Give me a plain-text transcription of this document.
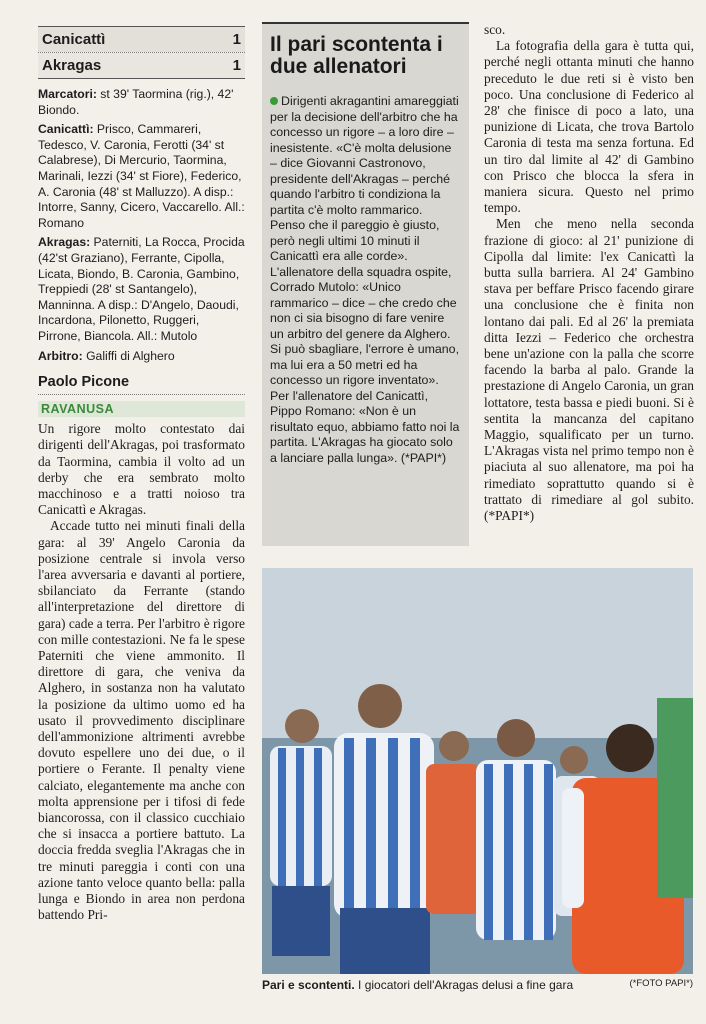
Canicattì	1
Akragas	1

Marcatori: st 39' Taormina (rig.), 42' Biondo.

Canicattì: Prisco, Cammareri, Tedesco, V. Caronia, Ferotti (34' st Calabrese), Di Mercurio, Taormina, Marinali, Iezzi (34' st Fiore), Federico, A. Caronia (48' st Malluzzo). A disp.: Intorre, Sanny, Cicero, Vaccarello. All.: Romano

Akragas: Paterniti, La Rocca, Procida (42'st Graziano), Ferrante, Cipolla, Licata, Biondo, B. Caronia, Gambino, Treppiedi (28' st Santangelo), Manninna. A disp.: D'Angelo, Daoudi, Incardona, Pilonetto, Ruggeri, Pirrone, Biancola. All.: Mutolo

Arbitro: Galiffi di Alghero

Paolo Picone
RAVANUSA

Un rigore molto contestato dai dirigenti dell'Akragas, poi trasformato da Taormina, cambia il volto ad un derby che era sembrato molto macchinoso e a tratti noioso tra Canicattì e Akragas.

Accade tutto nei minuti finali della gara: al 39' Angelo Caronia da posizione centrale si invola verso l'area avversaria e davanti al portiere, sbilanciato da Ferrante (stando all'interpretazione del direttore di gara) cade a terra. Per l'arbitro è rigore con mille contestazioni. Ne fa le spese Paterniti che viene ammonito. Il direttore di gara, che veniva da Alghero, in sostanza non ha valutato la posizione da ultimo uomo ed ha usato il provvedimento disciplinare dell'ammonizione altrimenti avrebbe dovuto espellere uno dei due, o il portiere o Ferante. Il penalty viene calciato, elegantemente ma anche con molta apprensione per i tifosi di fede biancorossa, con il classico cucchiaio che si insacca a portiere battuto. La doccia fredda sveglia l'Akragas che in tre minuti pareggia i conti con una azione tanto veloce quanto bella: palla lunga e Biondo in area non perdona battendo Pri-

Il pari scontenta i due allenatori
Dirigenti akragantini amareggiati per la decisione dell'arbitro che ha concesso un rigore – a loro dire – inesistente. «C'è molta delusione – dice Giovanni Castronovo, presidente dell'Akragas – perché quando l'arbitro ti condiziona la partita c'è molto rammarico. Penso che il pareggio è giusto, però negli ultimi 10 minuti il Canicattì era alle corde». L'allenatore della squadra ospite, Corrado Mutolo: «Unico rammarico – dice – che credo che non ci sia bisogno di fare venire un arbitro del genere da Alghero. Si può sbagliare, l'errore è umano, ma lui era a 50 metri ed ha concesso un rigore inventato». Per l'allenatore del Canicattì, Pippo Romano: «Non è un risultato equo, abbiamo fatto noi la partita. L'Akragas ha giocato solo a lanciare palla lunga». (*PAPI*)

sco.

La fotografia della gara è tutta qui, perché negli ottanta minuti che hanno preceduto le due reti si è visto ben poco. Una conclusione di Federico al 28' che finisce di poco a lato, una punizione di Licata, che trova Bartolo Caronia di testa ma senza fortuna. Ed un tiro dal limite al 42' di Gambino con Prisco che blocca la sfera in maniera sicura. Questo nel primo tempo.

Men che meno nella seconda frazione di gioco: al 21' punizione di Cipolla dal limite: l'ex Canicattì la butta sulla barriera. Al 24' Gambino stava per beffare Prisco facendo girare una conclusione che è finita non lontano dai pali. Ed al 26' la premiata ditta Iezzi – Federico che orchestra bene un'azione con la palla che scorre facendo la barba al palo. Grande la prestazione di Angelo Caronia, un gran lottatore, testa bassa e piedi buoni. Si è sentita la mancanza del capitano Maggio, squalificato per un turno. L'Akragas vista nel primo tempo non è piaciuta al suo allenatore, ma poi ha rimediato soprattutto quando si è trattato di rimediare al gol subito. (*PAPI*)

Pari e scontenti. I giocatori dell'Akragas delusi a fine gara	(*FOTO PAPI*)
